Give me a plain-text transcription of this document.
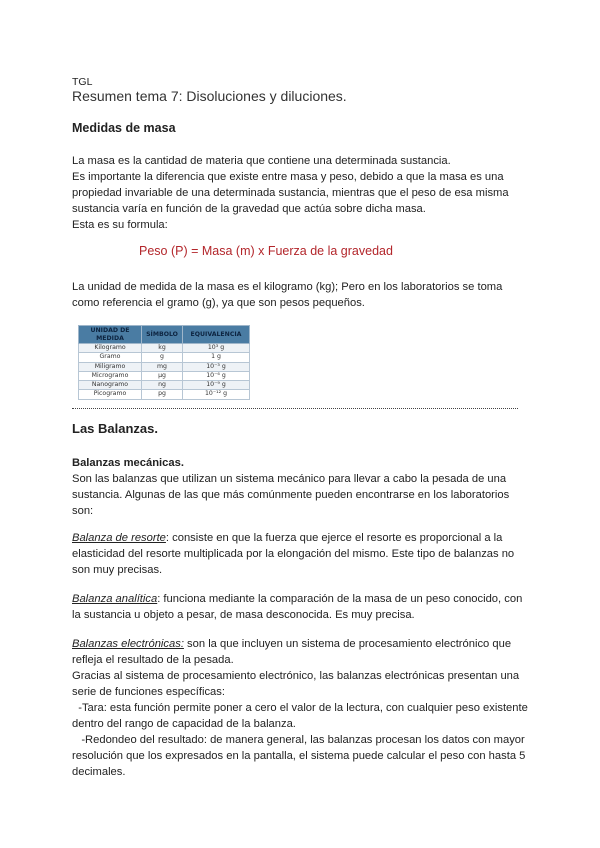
TGL
Resumen tema 7: Disoluciones y diluciones.
Medidas de masa

La masa es la cantidad de materia que contiene una determinada sustancia.

Es importante la diferencia que existe entre masa y peso, debido a que la masa es una

propiedad invariable de una determinada sustancia, mientras que el peso de esa misma

sustancia varía en función de la gravedad que actúa sobre dicha masa.

Esta es su formula:

Peso (P) = Masa (m) x Fuerza de la gravedad

La unidad de medida de la masa es el kilogramo (kg); Pero en los laboratorios se toma

como referencia el gramo (g), ya que son pesos pequeños.

UNIDAD DE MEDIDA	SÍMBOLO	EQUIVALENCIA
Kilogramo	kg	10³ g
Gramo	g	1 g
Miligramo	mg	10⁻³ g
Microgramo	µg	10⁻⁶ g
Nanogramo	ng	10⁻⁹ g
Picogramo	pg	10⁻¹² g
Las Balanzas.
Balanzas mecánicas.

Son las balanzas que utilizan un sistema mecánico para llevar a cabo la pesada de una

sustancia. Algunas de las que más comúnmente pueden encontrarse en los laboratorios

son:

Balanza de resorte: consiste en que la fuerza que ejerce el resorte es proporcional a la

elasticidad del resorte multiplicada por la elongación del mismo. Este tipo de balanzas no

son muy precisas.

Balanza analítica: funciona mediante la comparación de la masa de un peso conocido, con

la sustancia u objeto a pesar, de masa desconocida. Es muy precisa.

Balanzas electrónicas: son la que incluyen un sistema de procesamiento electrónico que

refleja el resultado de la pesada.

Gracias al sistema de procesamiento electrónico, las balanzas electrónicas presentan una

serie de funciones específicas:

-Tara: esta función permite poner a cero el valor de la lectura, con cualquier peso existente

dentro del rango de capacidad de la balanza.

-Redondeo del resultado: de manera general, las balanzas procesan los datos con mayor

resolución que los expresados en la pantalla, el sistema puede calcular el peso con hasta 5

decimales.
